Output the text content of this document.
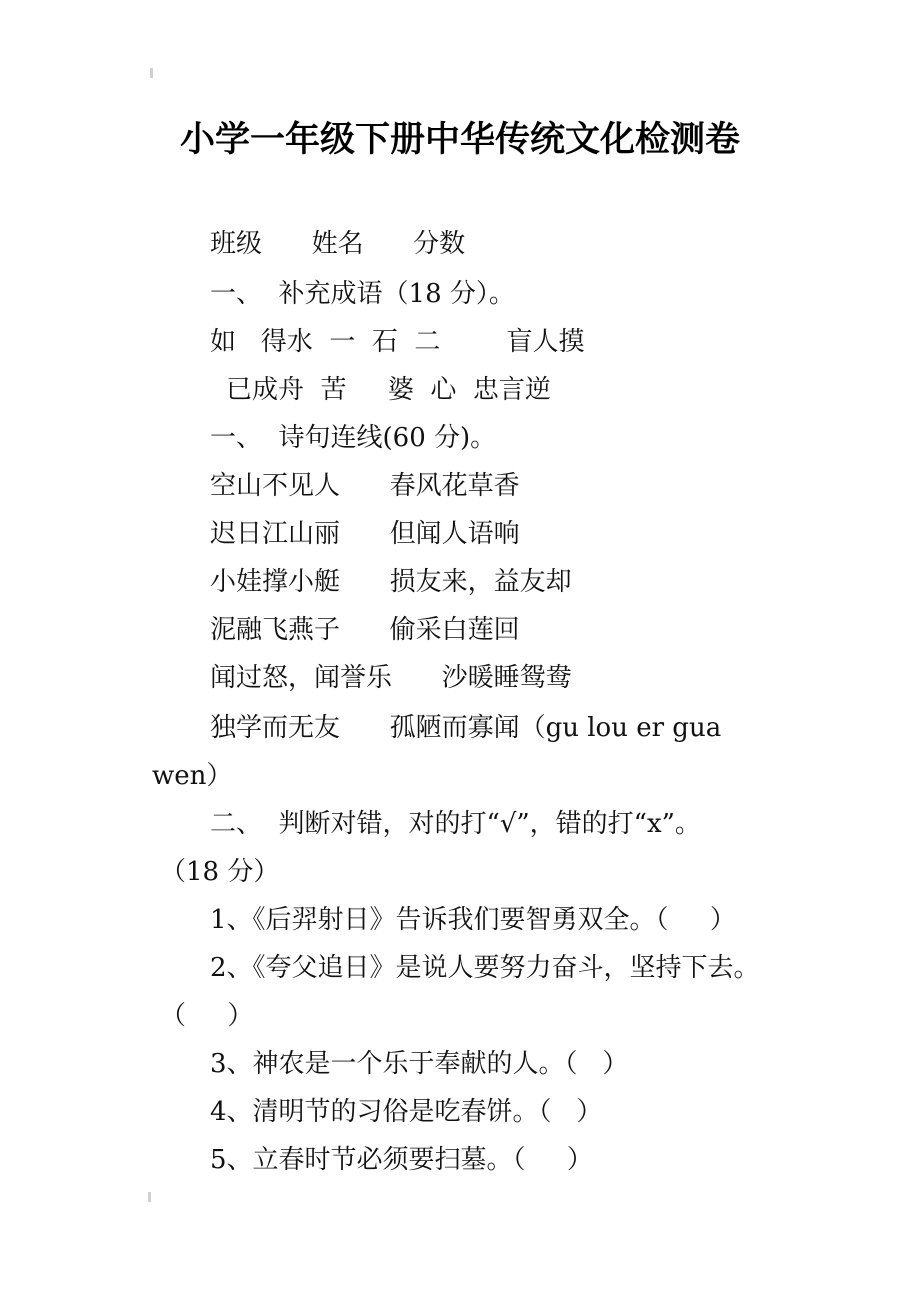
小学一年级下册中华传统文化检测卷
班级      姓名      分数
一、  补充成语（18 分）。
如   得水  一  石  二        盲人摸
已成舟  苦     婆  心  忠言逆
一、  诗句连线(60 分)。
空山不见人      春风花草香
迟日江山丽      但闻人语响
小娃撑小艇      损友来，益友却
泥融飞燕子      偷采白莲回
闻过怒，闻誉乐      沙暖睡鸳鸯
独学而无友      孤陋而寡闻（gu lou er gua
wen）
二、  判断对错，对的打“√”，错的打“x”。
（18 分）
1、《后羿射日》告诉我们要智勇双全。（     ）
2、《夸父追日》是说人要努力奋斗，坚持下去。
（     ）
3、神农是一个乐于奉献的人。（   ）
4、清明节的习俗是吃春饼。（   ）
5、立春时节必须要扫墓。（     ）
